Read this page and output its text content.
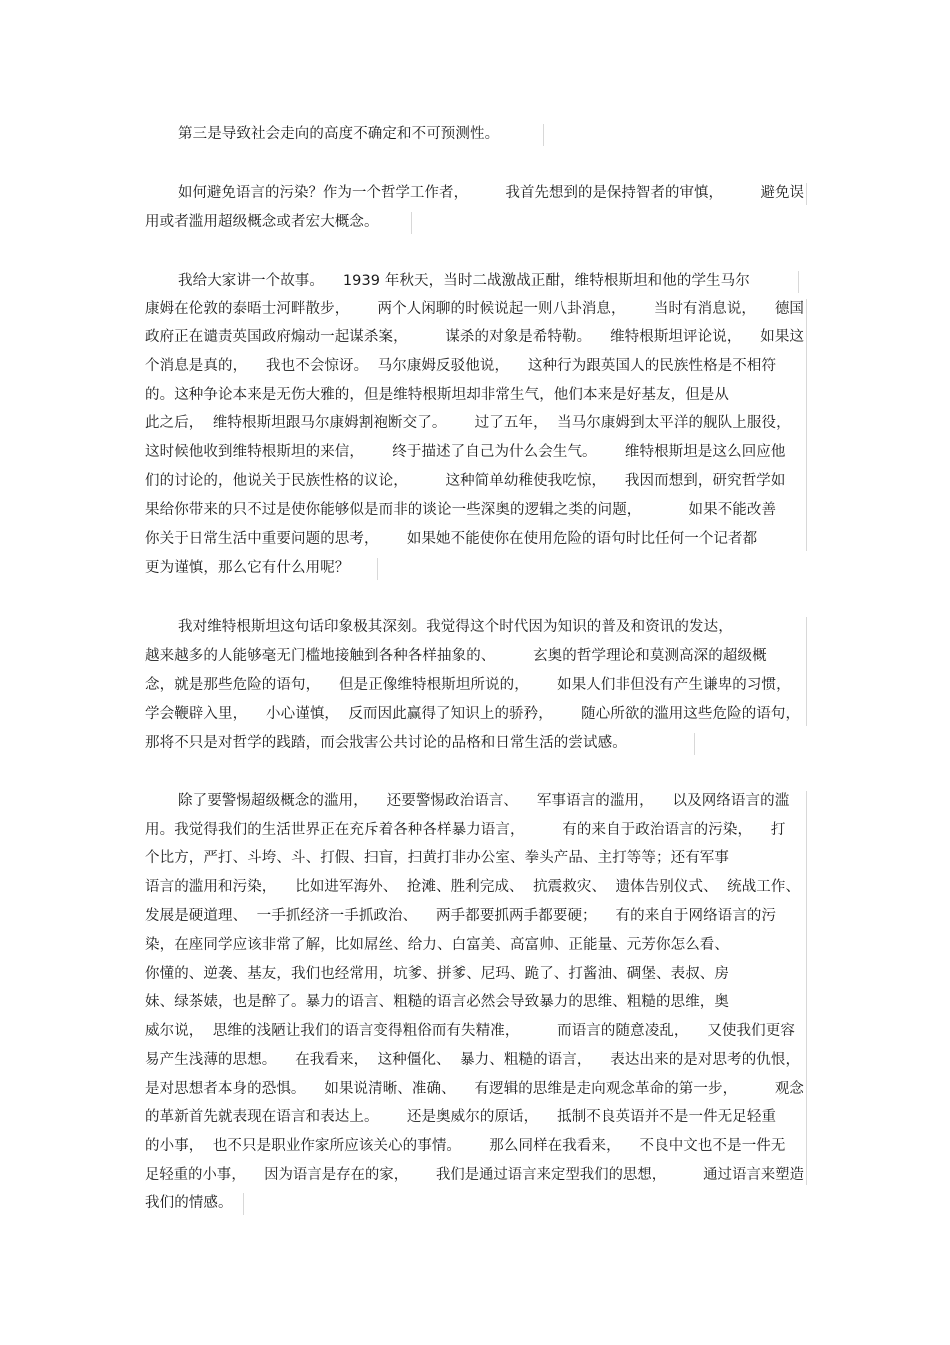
第三是导致社会走向的高度不确定和不可预测性。
如何避免语言的污染？作为一个哲学工作者，        我首先想到的是保持智者的审慎，        避免误
用或者滥用超级概念或者宏大概念。
我给大家讲一个故事。    1939 年秋天，当时二战激战正酣，维特根斯坦和他的学生马尔
康姆在伦敦的泰晤士河畔散步，      两个人闲聊的时候说起一则八卦消息，      当时有消息说，    德国
政府正在谴责英国政府煽动一起谋杀案，        谋杀的对象是希特勒。    维特根斯坦评论说，    如果这
个消息是真的，    我也不会惊讶。  马尔康姆反驳他说，    这种行为跟英国人的民族性格是不相符
的。这种争论本来是无伤大雅的，但是维特根斯坦却非常生气，他们本来是好基友，但是从
此之后，  维特根斯坦跟马尔康姆割袍断交了。      过了五年，  当马尔康姆到太平洋的舰队上服役，
这时候他收到维特根斯坦的来信，      终于描述了自己为什么会生气。      维特根斯坦是这么回应他
们的讨论的，他说关于民族性格的议论，        这种简单幼稚使我吃惊，    我因而想到，研究哲学如
果给你带来的只不过是使你能够似是而非的谈论一些深奥的逻辑之类的问题，          如果不能改善
你关于日常生活中重要问题的思考，      如果她不能使你在使用危险的语句时比任何一个记者都
更为谨慎，那么它有什么用呢？
我对维特根斯坦这句话印象极其深刻。我觉得这个时代因为知识的普及和资讯的发达，
越来越多的人能够毫无门槛地接触到各种各样抽象的、        玄奥的哲学理论和莫测高深的超级概
念，就是那些危险的语句，    但是正像维特根斯坦所说的，      如果人们非但没有产生谦卑的习惯，
学会鞭辟入里，    小心谨慎，  反而因此赢得了知识上的骄矜，      随心所欲的滥用这些危险的语句，
那将不只是对哲学的践踏，而会戕害公共讨论的品格和日常生活的尝试感。
除了要警惕超级概念的滥用，    还要警惕政治语言、    军事语言的滥用，    以及网络语言的滥
用。我觉得我们的生活世界正在充斥着各种各样暴力语言，        有的来自于政治语言的污染，    打
个比方，严打、斗垮、斗、打假、扫盲，扫黄打非办公室、拳头产品、主打等等；还有军事
语言的滥用和污染，    比如进军海外、  抢滩、胜利完成、  抗震救灾、  遗体告别仪式、  统战工作、
发展是硬道理、  一手抓经济一手抓政治、    两手都要抓两手都要硬；    有的来自于网络语言的污
染，在座同学应该非常了解，比如屌丝、给力、白富美、高富帅、正能量、元芳你怎么看、
你懂的、逆袭、基友，我们也经常用，坑爹、拼爹、尼玛、跪了、打酱油、碉堡、表叔、房
妹、绿茶婊，也是醉了。暴力的语言、粗糙的语言必然会导致暴力的思维、粗糙的思维，奥
威尔说，  思维的浅陋让我们的语言变得粗俗而有失精准，        而语言的随意凌乱，    又使我们更容
易产生浅薄的思想。    在我看来，  这种僵化、  暴力、粗糙的语言，    表达出来的是对思考的仇恨，
是对思想者本身的恐惧。    如果说清晰、准确、    有逻辑的思维是走向观念革命的第一步，        观念
的革新首先就表现在语言和表达上。      还是奥威尔的原话，    抵制不良英语并不是一件无足轻重
的小事，  也不只是职业作家所应该关心的事情。      那么同样在我看来，    不良中文也不是一件无
足轻重的小事，    因为语言是存在的家，      我们是通过语言来定型我们的思想，        通过语言来塑造
我们的情感。
